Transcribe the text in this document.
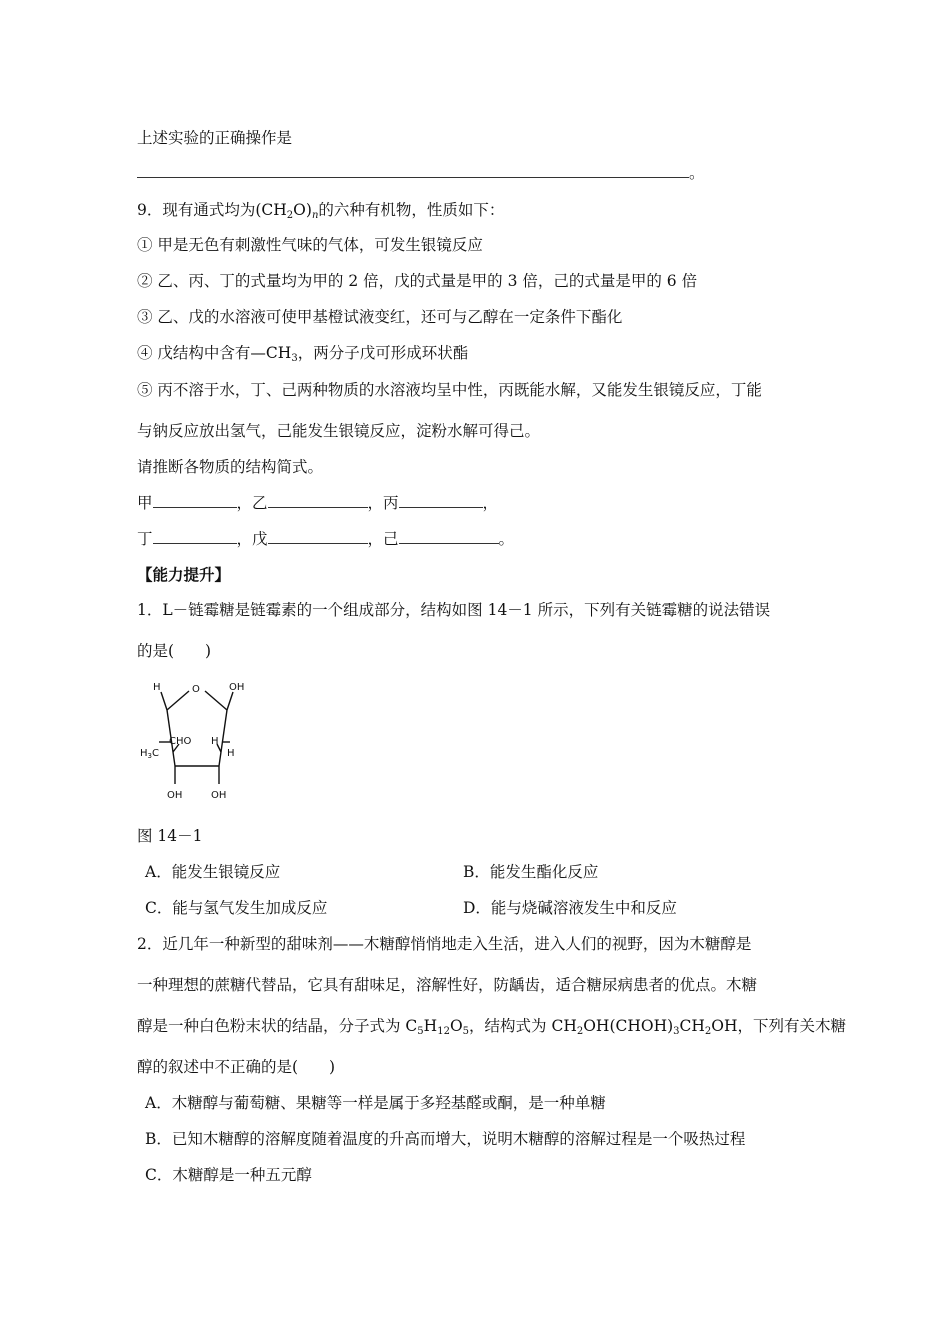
上述实验的正确操作是
。
9．现有通式均为$(CH_2O)_n$的六种有机物，性质如下：
① 甲是无色有刺激性气味的气体，可发生银镜反应
② 乙、丙、丁的式量均为甲的 2 倍，戊的式量是甲的 3 倍，己的式量是甲的 6 倍
③ 乙、戊的水溶液可使甲基橙试液变红，还可与乙醇在一定条件下酯化
④ 戊结构中含有$—CH_3$，两分子戊可形成环状酯
⑤ 丙不溶于水，丁、己两种物质的水溶液均呈中性，丙既能水解，又能发生银镜反应，丁能
与钠反应放出氢气，己能发生银镜反应，淀粉水解可得己。
请推断各物质的结构简式。
甲	，乙	，丙	，
丁	，戊	，己	。
【能力提升】
1．L－链霉糖是链霉素的一个组成部分，结构如图 14－1 所示，下列有关链霉糖的说法错误
的是(　　)
H	O	OH
CHO H
$H_3C$	H
OH	OH
图 14－1
A．能发生银镜反应	B．能发生酯化反应
C．能与氢气发生加成反应	D．能与烧碱溶液发生中和反应
2．近几年一种新型的甜味剂——木糖醇悄悄地走入生活，进入人们的视野，因为木糖醇是
一种理想的蔗糖代替品，它具有甜味足，溶解性好，防龋齿，适合糖尿病患者的优点。木糖
醇是一种白色粉末状的结晶，分子式为 $C_5H_{12}O_5$，结构式为 $CH_2OH(CHOH)_3CH_2OH$，下列有关木糖
醇的叙述中不正确的是(　　)
A．木糖醇与葡萄糖、果糖等一样是属于多羟基醛或酮，是一种单糖
B．已知木糖醇的溶解度随着温度的升高而增大，说明木糖醇的溶解过程是一个吸热过程
C．木糖醇是一种五元醇
